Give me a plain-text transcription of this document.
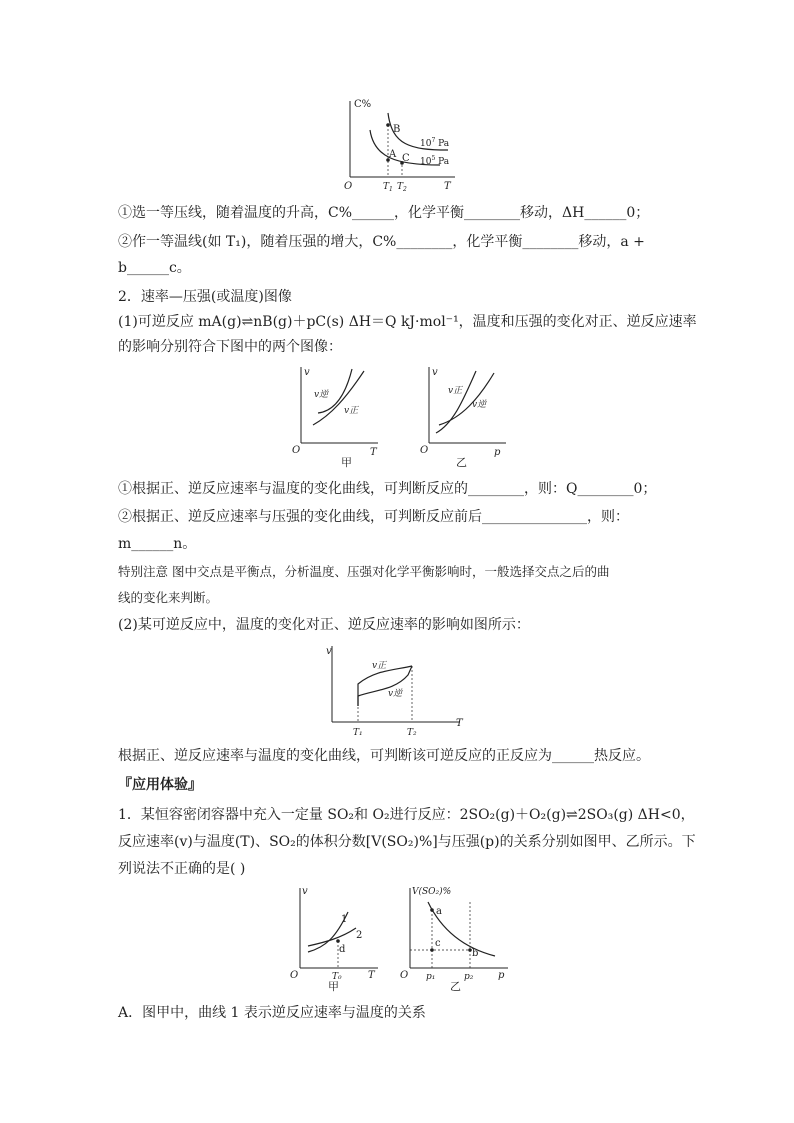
C%
O	T
$T_1$ $T_2$
B
A C
$10^7$ Pa
$10^5$ Pa
①选一等压线，随着温度的升高，C%______，化学平衡________移动，ΔH______0；
②作一等温线(如 T₁)，随着压强的增大，C%________，化学平衡________移动，a +
b______c。
2．速率—压强(或温度)图像
(1)可逆反应 mA(g)⇌nB(g)＋pC(s) ΔH＝Q kJ·mol⁻¹，温度和压强的变化对正、逆反应速率
的影响分别符合下图中的两个图像：
v
O	T
v逆
v正
甲
v
O	p
v正
v逆
乙
①根据正、逆反应速率与温度的变化曲线，可判断反应的________，则：Q________0；
②根据正、逆反应速率与压强的变化曲线，可判断反应前后_______________，则：
m______n。
特别注意 图中交点是平衡点，分析温度、压强对化学平衡影响时，一般选择交点之后的曲
线的变化来判断。
(2)某可逆反应中，温度的变化对正、逆反应速率的影响如图所示：
v
T
v正
v逆
T₁	T₂
根据正、逆反应速率与温度的变化曲线，可判断该可逆反应的正反应为______热反应。
『应用体验』
1．某恒容密闭容器中充入一定量 SO₂和 O₂进行反应：2SO₂(g)＋O₂(g)⇌2SO₃(g) ΔH<0，
反应速率(v)与温度(T)、SO₂的体积分数[V(SO₂)%]与压强(p)的关系分别如图甲、乙所示。下
列说法不正确的是( )
v
O	T
1
2
d
T₀
甲
V(SO₂)%
O	p
a
b
c
p₁	p₂
乙
A．图甲中，曲线 1 表示逆反应速率与温度的关系
